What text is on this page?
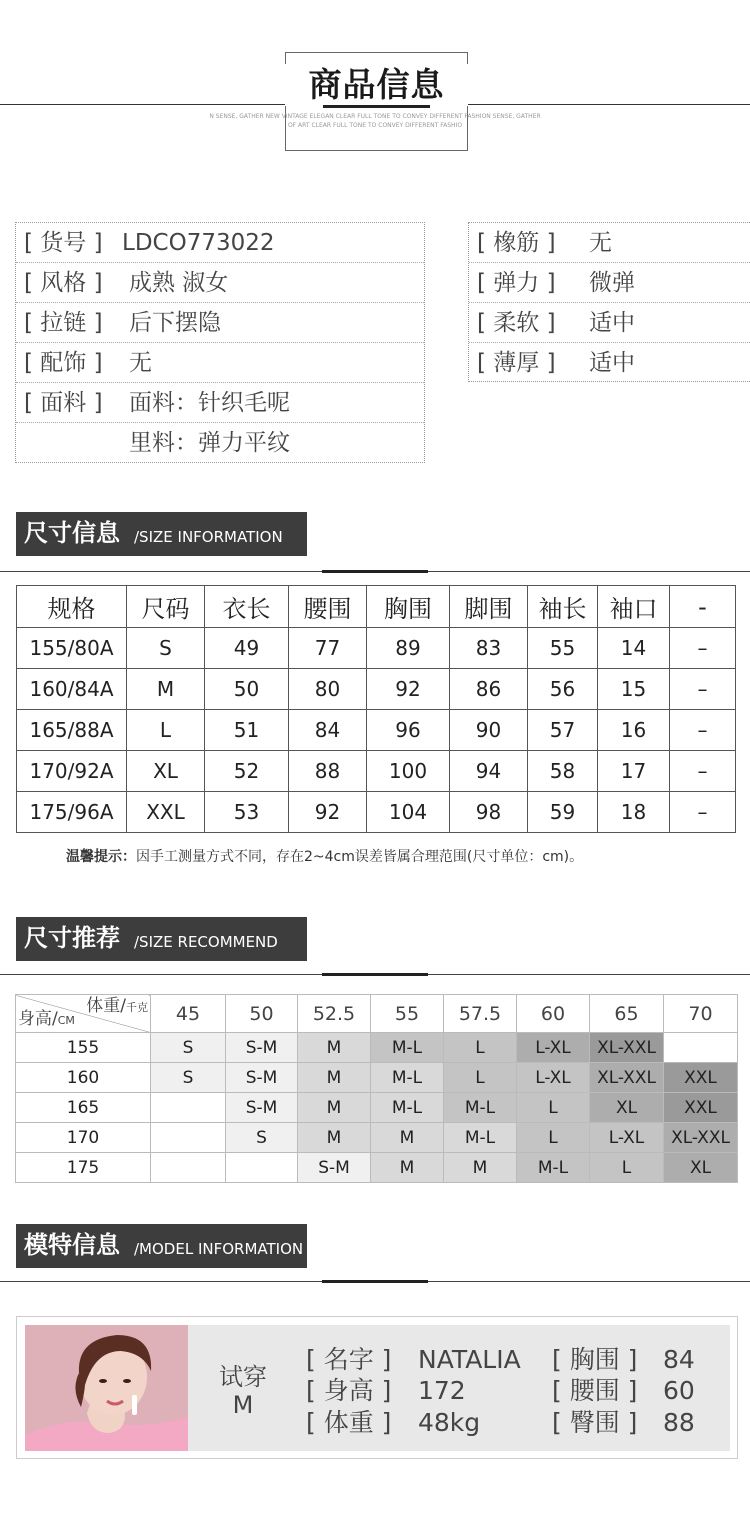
商品信息
N SENSE, GATHER NEW VINTAGE ELEGAN CLEAR FULL TONE TO CONVEY DIFFERENT FASHION SENSE, GATHER
OF ART CLEAR FULL TONE TO CONVEY DIFFERENT FASHIO
[ 货号 ] LDCO773022
[ 风格 ] 成熟 淑女
[ 拉链 ] 后下摆隐
[ 配饰 ] 无
[ 面料 ] 面料：针织毛呢
里料：弹力平纹
[ 橡筋 ] 无
[ 弹力 ] 微弹
[ 柔软 ] 适中
[ 薄厚 ] 适中
尺寸信息 /SIZE INFORMATION
规格	尺码	衣长	腰围	胸围	脚围	袖长	袖口	-
155/80A	S	49	77	89	83	55	14	–
160/84A	M	50	80	92	86	56	15	–
165/88A	L	51	84	96	90	57	16	–
170/92A	XL	52	88	100	94	58	17	–
175/96A	XXL	53	92	104	98	59	18	–
温馨提示：因手工测量方式不同，存在2~4cm误差皆属合理范围(尺寸单位：cm)。
尺寸推荐 /SIZE RECOMMEND
体重/千克
身高/CM	45	50	52.5	55	57.5	60	65	70
155	S	S-M	M	M-L	L	L-XL	XL-XXL	
160	S	S-M	M	M-L	L	L-XL	XL-XXL	XXL
165		S-M	M	M-L	M-L	L	XL	XXL
170		S	M	M	M-L	L	L-XL	XL-XXL
175			S-M	M	M	M-L	L	XL
模特信息 /MODEL INFORMATION
试穿
M
[ 名字 ] NATALIA
[ 身高 ] 172
[ 体重 ] 48kg
[ 胸围 ] 84
[ 腰围 ] 60
[ 臀围 ] 88
